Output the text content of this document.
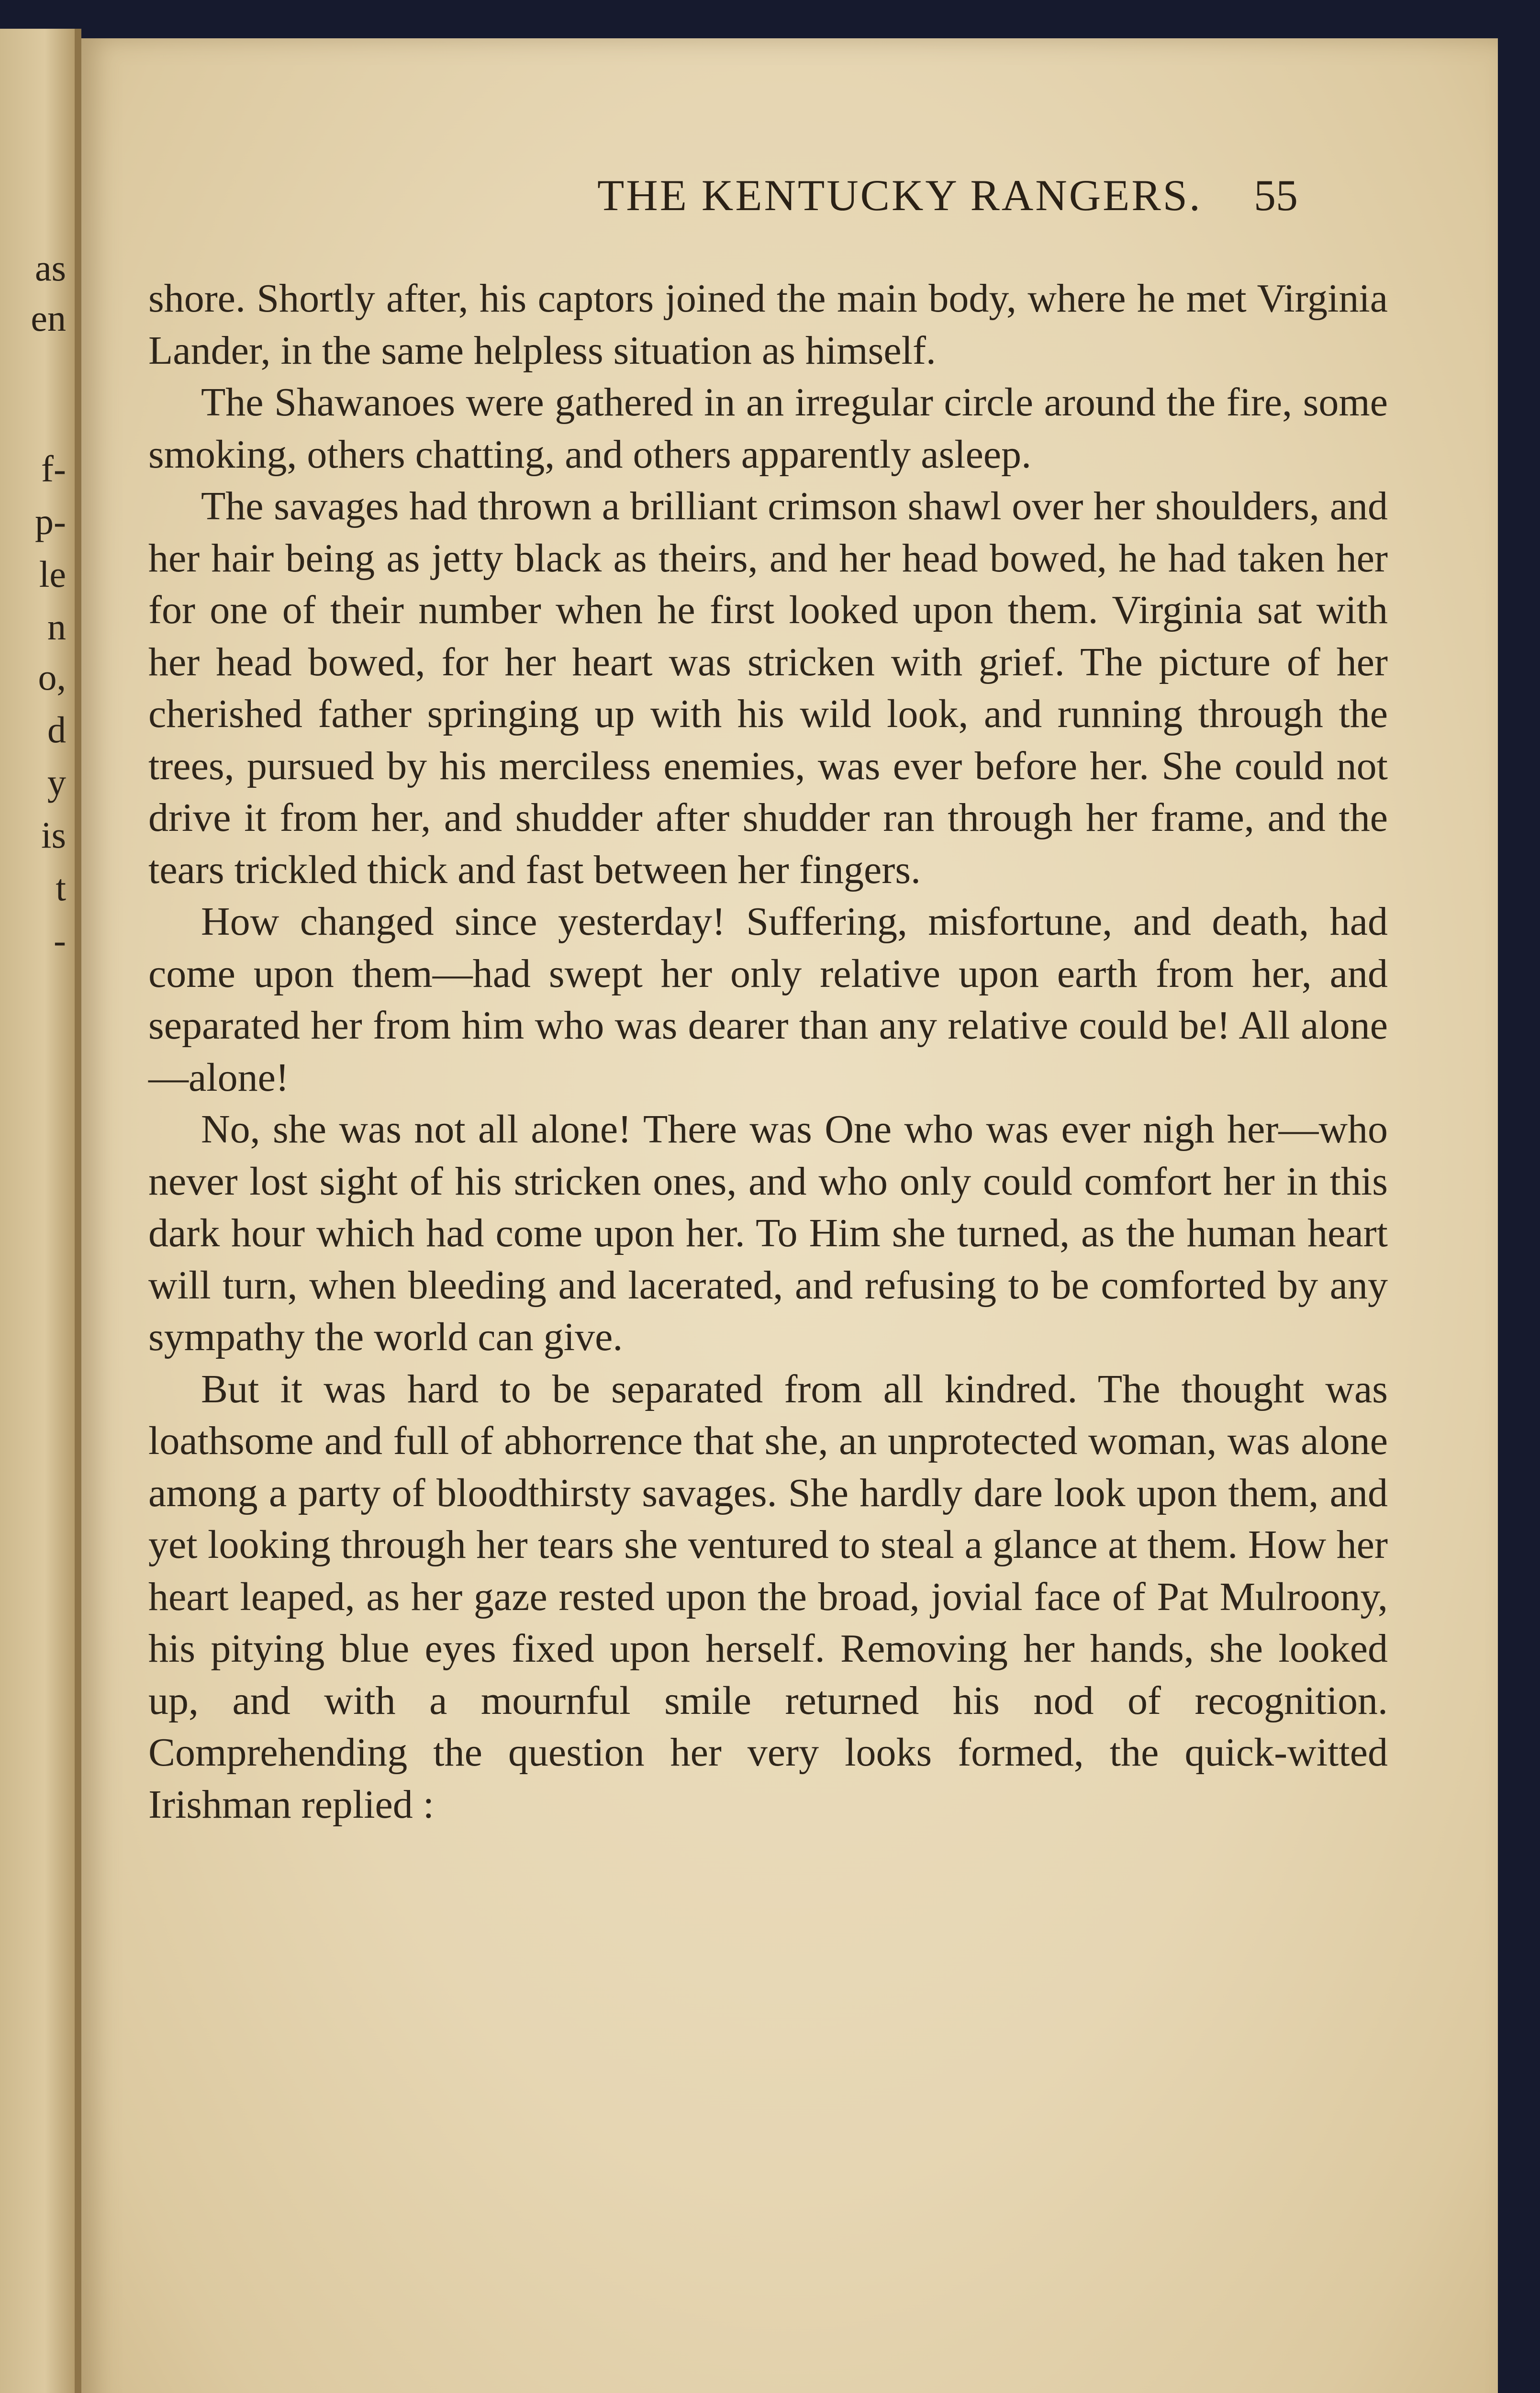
as
en
f-
p-
le
n
o,
d
y
is
t
-
THE KENTUCKY RANGERS.	55

shore. Shortly after, his captors joined the main body, where he met Virginia Lander, in the same helpless situation as himself.

The Shawanoes were gathered in an irregular circle around the fire, some smoking, others chatting, and others apparently asleep.

The savages had thrown a brilliant crimson shawl over her shoulders, and her hair being as jetty black as theirs, and her head bowed, he had taken her for one of their number when he first looked upon them. Virginia sat with her head bowed, for her heart was stricken with grief. The picture of her cherished father springing up with his wild look, and running through the trees, pursued by his merciless enemies, was ever before her. She could not drive it from her, and shudder after shudder ran through her frame, and the tears trickled thick and fast between her fingers.

How changed since yesterday! Suffering, misfortune, and death, had come upon them—had swept her only relative upon earth from her, and separated her from him who was dearer than any relative could be! All alone—alone!

No, she was not all alone! There was One who was ever nigh her—who never lost sight of his stricken ones, and who only could comfort her in this dark hour which had come upon her. To Him she turned, as the human heart will turn, when bleeding and lacerated, and refusing to be comforted by any sympathy the world can give.

But it was hard to be separated from all kindred. The thought was loathsome and full of abhorrence that she, an unprotected woman, was alone among a party of bloodthirsty savages. She hardly dare look upon them, and yet looking through her tears she ventured to steal a glance at them. How her heart leaped, as her gaze rested upon the broad, jovial face of Pat Mulroony, his pitying blue eyes fixed upon herself. Removing her hands, she looked up, and with a mournful smile returned his nod of recognition. Comprehending the question her very looks formed, the quick-witted Irishman replied :
